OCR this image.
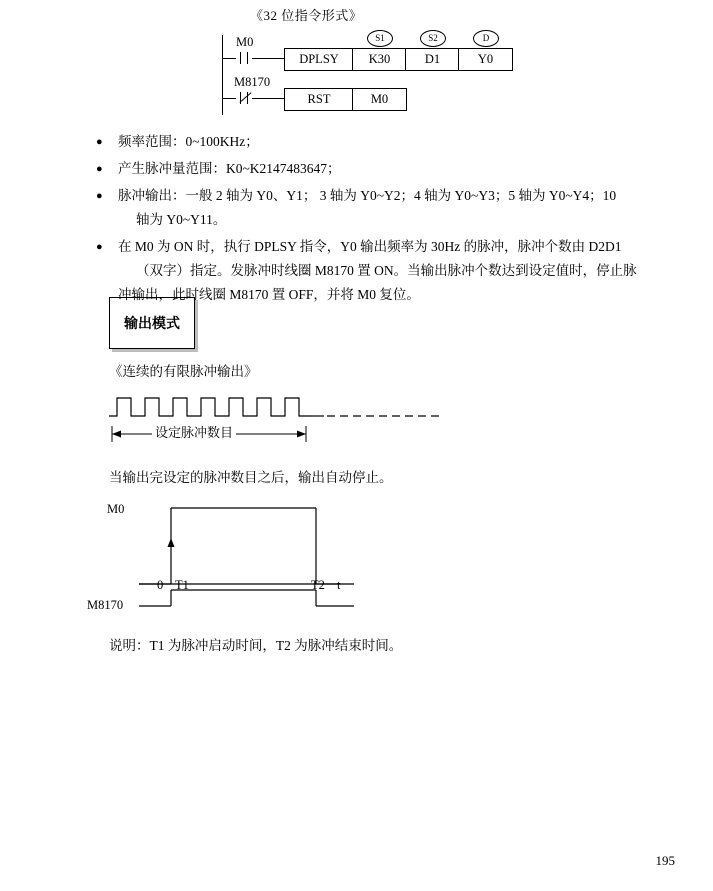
《32 位指令形式》
M0
DPLSY	K30	D1	Y0
S1	S2	D
M8170
RST	M0
●	频率范围：0~100KHz；
●	产生脉冲量范围：K0~K2147483647；
●	脉冲输出：一般 2 轴为 Y0、Y1； 3 轴为 Y0~Y2；4 轴为 Y0~Y3；5 轴为 Y0~Y4；10
轴为 Y0~Y11。
●	在 M0 为 ON 时，执行 DPLSY 指令，Y0 输出频率为 30Hz 的脉冲，脉冲个数由 D2D1
（双字）指定。发脉冲时线圈 M8170 置 ON。当输出脉冲个数达到设定值时，停止脉
冲输出，此时线圈 M8170 置 OFF，并将 M0 复位。
输出模式
《连续的有限脉冲输出》
设定脉冲数目
当输出完设定的脉冲数目之后，输出自动停止。
M0
M8170
0 T1	T2 t
说明：T1 为脉冲启动时间，T2 为脉冲结束时间。
195
